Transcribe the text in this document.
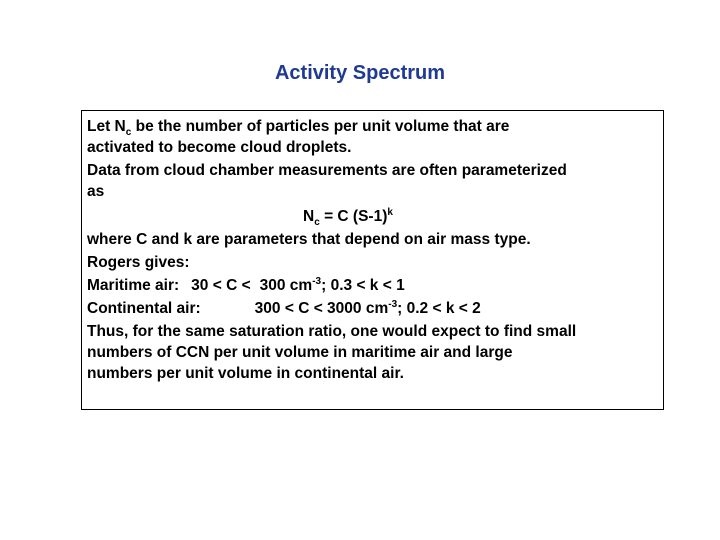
Activity Spectrum

Let $N_c$ be the number of particles per unit volume that are

activated to become cloud droplets.

Data from cloud chamber measurements are often parameterized

as

$N_c = C$ $(S-1)^k$

where C and k are parameters that depend on air mass type.

Rogers gives:

Maritime air: 30 < C < 300 $cm^{-3}$; 0.3 < k < 1

Continental air:	300 < C < 3000 $cm^{-3}$; 0.2 < k < 2

Thus, for the same saturation ratio, one would expect to find small

numbers of CCN per unit volume in maritime air and large

numbers per unit volume in continental air.
